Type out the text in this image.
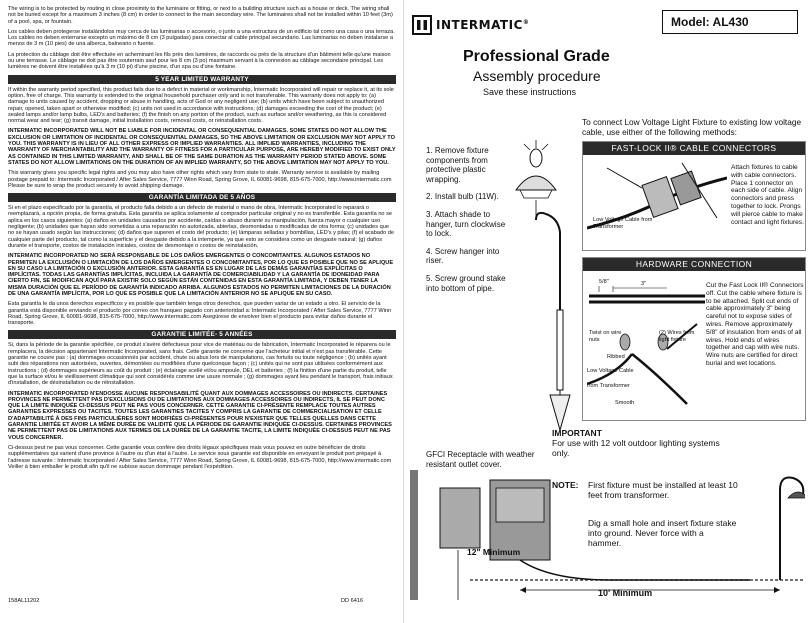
The wiring is to be protected by routing in close proximity to the luminaire or fitting, or next to a building structure such as a house or deck. The wiring shall not be buried except for a maximum 3 inches (8 cm) in order to connect to the main secondary wire. The luminaires shall not be installed within 10 feet (3m) of a pool, spa, or fountain.

Los cables deben protegerse instalándolos muy cerca de las luminarias o accesorio, o junto a una estructura de un edificio tal como una casa o una terraza. Los cables no deben enterrarse excepto un máximo de 8 cm (3 pulgadas) para conectar al cable principal secundario. Las luminarias no deben instalarse a menos de 3 m (10 pies) de una alberca, balneario o fuente.

La protection du câblage doit être effectuée en acheminant les fils près des lumières, de raccords ou près de la structure d'un bâtiment telle qu'une maison ou une terrasse. Le câblage ne doit pas être souterrain sauf pour les 8 cm (3 po) maximum servant à la connexion au câblage secondaire principal. Les lumières ne doivent être installées qu'à 3 m (10 pi) d'une piscine, d'un spa ou d'une fontaine.

5 YEAR LIMITED WARRANTY

If within the warranty period specified, this product fails due to a defect in material or workmanship, Intermatic Incorporated will repair or replace it, at its sole option, free of charge. This warranty is extended to the original household purchaser only and is not transferable. This warranty does not apply to: (a) damage to units caused by accident, dropping or abuse in handling, acts of God or any negligent use; (b) units which have been subject to unauthorized repair, opened, taken apart or otherwise modified; (c) units not used in accordance with instructions; (d) damages exceeding the cost of the product; (e) sealed lamps and/or lamp bulbs, LED's and batteries; (f) the finish on any portion of the product, such as surface and/or weathering, as this is considered normal wear and tear; (g) transit damage, initial installation costs, removal costs, or reinstallation costs.

INTERMATIC INCORPORATED WILL NOT BE LIABLE FOR INCIDENTAL OR CONSEQUENTIAL DAMAGES. SOME STATES DO NOT ALLOW THE EXCLUSION OR LIMITATION OF INCIDENTAL OR CONSEQUENTIAL DAMAGES, SO THE ABOVE LIMITATION OR EXCLUSION MAY NOT APPLY TO YOU. THIS WARRANTY IS IN LIEU OF ALL OTHER EXPRESS OR IMPLIED WARRANTIES. ALL IMPLIED WARRANTIES, INCLUDING THE WARRANTY OF MERCHANTABILITY AND THE WARRANTY OF FITNESS FOR A PARTICULAR PURPOSE, ARE HEREBY MODIFIED TO EXIST ONLY AS CONTAINED IN THIS LIMITED WARRANTY, AND SHALL BE OF THE SAME DURATION AS THE WARRANTY PERIOD STATED ABOVE. SOME STATES DO NOT ALLOW LIMITATIONS ON THE DURATION OF AN IMPLIED WARRANTY, SO THE ABOVE LIMITATION MAY NOT APPLY TO YOU.

This warranty gives you specific legal rights and you may also have other rights which vary from state to state. Warranty service is available by mailing postage prepaid to: Intermatic Incorporated / After Sales Service, 7777 Winn Road, Spring Grove, IL 60081-9698, 815-675-7000, http://www.intermatic.com Please be sure to wrap the product securely to avoid shipping damage.

GARANTÍA LIMITADA DE 5 AÑOS

Si en el plazo especificado por la garantía, el producto falla debido a un defecto de material o mano de obra, Intermatic Incorporated lo reparará o reemplazará, a opción propia, de forma gratuita. Esta garantía se aplica solamente al comprador particular original y no es transferible. Esta garantía no se aplica en los casos siguientes: (a) daños en unidades causados por accidente, caídas o abuso durante su manipulación, fuerza mayor o cualquier uso negligente; (b) unidades que hayan sido sometidas a una reparación no autorizada, abiertas, desmontadas o modificadas de otra forma; (c) unidades que no se hayan usado según las instrucciones; (d) daños que superen el costo del producto; (e) lámparas selladas y bombillas, LED's y pilas; (f) el acabado de cualquier parte del producto, tal como la superficie y el desgaste debido a la intemperie, ya que esto se considera como un desgaste natural; (g) daños durante el transporte, costos de instalación iniciales, costos de desmontaje o costos de reinstalación.

INTERMATIC INCORPORATED NO SERÁ RESPONSABLE DE LOS DAÑOS EMERGENTES O CONCOMITANTES. ALGUNOS ESTADOS NO PERMITEN LA EXCLUSIÓN O LIMITACIÓN DE LOS DAÑOS EMERGENTES O CONCOMITANTES, POR LO QUE ES POSIBLE QUE NO SE APLIQUE EN SU CASO LA LIMITACIÓN O EXCLUSIÓN ANTERIOR. ESTA GARANTÍA ES EN LUGAR DE LAS DEMÁS GARANTÍAS EXPLÍCITAS O IMPLÍCITAS. TODAS LAS GARANTÍAS IMPLÍCITAS, INCLUIDA LA GARANTÍA DE COMERCIABILIDAD Y LA GARANTÍA DE IDONEIDAD PARA CIERTO FIN, SE MODIFICAN AQUÍ PARA EXISTIR SOLO SEGÚN ESTÁN CONTENIDAS EN ESTA GARANTÍA LIMITADA, Y DEBEN TENER LA MISMA DURACIÓN QUE EL PERÍODO DE GARANTÍA INDICADO ARRIBA. ALGUNOS ESTADOS NO PERMITEN LIMITACIONES DE LA DURACIÓN DE UNA GARANTÍA IMPLÍCITA, POR LO QUE ES POSIBLE QUE LA LIMITACIÓN ANTERIOR NO SE APLIQUE EN SU CASO.

Esta garantía le da unos derechos específicos y es posible que también tenga otros derechos, que pueden variar de un estado a otro. El servicio de la garantía está disponible enviando el producto por correo con franqueo pagado con anterioridad a: Intermatic Incorporated / After Sales Service, 7777 Winn Road, Spring Grove, IL 60081-9698, 815-675-7000, http://www.intermatic.com Asegúrese de envolver bien el producto para evitar daños durante el transporte.

GARANTIE LIMITÉE- 5 ANNÉES

Si, dans la période de la garantie spécifiée, ce produit s'avère défectueux pour vice de matériau ou de fabrication, Intermatic Incorporated le réparera ou le remplacera, la décision appartenant Intermatic Incorporated, sans frais. Cette garantie ne concerne que l'acheteur initial et n'est pas transférable. Cette garantie ne couvre pas : (a) dommages occasionnés par accident, chute ou abus lors de manipulations, cas fortuits ou toute négligence ; (b) unités ayant subi des réparations non autorisées, ouvertes, démontées ou modifiées d'une quelconque façon ; (c) unités qui ne sont pas utilisées conformément aux instructions ; (d) dommages supérieurs au coût du produit ; (e) éclairage scellé et/ou ampoule, DEL et batteries ; (f) la finition d'une partie du produit, telle que la surface et/ou le vieillissement climatique qui sont considérés comme une usure normale ; (g) dommages ayant lieu pendant le transport, frais initiaux d'installation, de désinstallation ou de réinstallation.

INTERMATIC INCORPORATED N'ENDOSSE AUCUNE RESPONSABILITÉ QUANT AUX DOMMAGES ACCESSOIRES OU INDIRECTS. CERTAINES PROVINCES NE PERMETTENT PAS D'EXCLUSIONS OU DE LIMITATIONS AUX DOMMAGES ACCESSOIRES OU INDIRECTS, IL SE PEUT DONC QUE LA LIMITE INDIQUÉE CI-DESSUS PEUT NE PAS VOUS CONCERNER. CETTE GARANTIE CI-PRÉSENTE REMPLACE TOUTES AUTRES GARANTIES EXPRESSES OU TACITES. TOUTES LES GARANTIES TACITES Y COMPRIS LA GARANTIE DE COMMERCIALISATION ET CELLE D'ADAPTABILITÉ À DES FINS PARTICULIÈRES SONT MODIFIÉES CI-PRÉSENTES POUR N'EXISTER QUE TELLES QUELLES DANS CETTE GARANTIE LIMITÉE ET AVOIR LA MÊME DURÉE DE VALIDITÉ QUE LA PÉRIODE DE GARANTIE INDIQUÉE CI-DESSUS. CERTAINES PROVINCES NE PERMETTENT PAS DE LIMITATIONS AUX TERMES DE LA DURÉE DE LA GARANTIE TACITE, LA LIMITE INDIQUÉE CI-DESSUS PEUT NE PAS VOUS CONCERNER.

Ci-dessus peut ne pas vous concerner. Cette garantie vous confère des droits légaux spécifiques mais vous pouvez en outre bénéficier de droits supplémentaires qui varient d'une province à l'autre ou d'un état à l'autre. Le service sous garantie est disponible en envoyant le produit port prépayé à l'adresse suivante : Intermatic Incorporated / After Sales Service, 7777 Winn Road, Spring Grove, IL 60081-9698, 815-675-7000, http://www.intermatic.com Veiller à bien emballer le produit afin qu'il ne subisse aucun dommage pendant l'expédition.

158AL11202	DD 6416
INTERMATIC®	Model: AL430
Professional Grade
Assembly procedure
Save these instructions
1. Remove fixture components from protective plastic wrapping.
2. Install bulb (11W).
3. Attach shade to hanger, turn clockwise to lock.
4. Screw hanger into riser.
5. Screw ground stake into bottom of pipe.
To connect Low Voltage Light Fixture to existing low voltage cable, use either of the following methods:
FAST-LOCK II® CABLE CONNECTORS
Attach fixtures to cable with cable connectors. Place 1 connector on each side of cable. Align connectors and press together to lock. Prongs will pierce cable to make contact and light fixtures.
Low Voltage Cable from Transformer
HARDWARE CONNECTION
5/8"	3"
Twist on wire nuts
(2) Wires from light fixture
Ribbed
Low Voltage Cable
from Transformer
Smooth
Cut the Fast Lock II® Connectors off. Cut the cable where fixture is to be attached. Split cut ends of cable approximately 3" being careful not to expose sides of wires. Remove approximately 5/8" of insulation from ends of all wires. Hold ends of wires together and cap with wire nuts. Wire nuts are certified for direct burial and wet locations.
IMPORTANT
For use with 12 volt outdoor lighting systems only.
GFCI Receptacle with weather resistant outlet cover.
NOTE: First fixture must be installed at least 10 feet from transformer.
Dig a small hole and insert fixture stake into ground. Never force with a hammer.
12" Minimum
10' Minimum
